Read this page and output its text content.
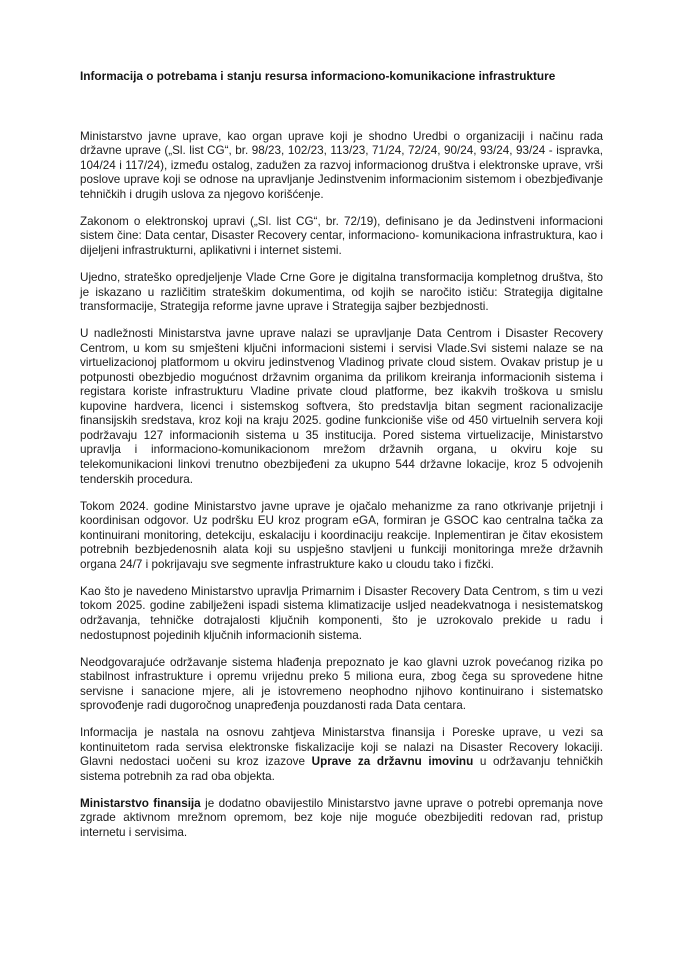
Informacija o potrebama i stanju resursa informaciono-komunikacione infrastrukture

Ministarstvo javne uprave, kao organ uprave koji je shodno Uredbi o organizaciji i načinu rada državne uprave („Sl. list CG“, br. 98/23, 102/23, 113/23, 71/24, 72/24, 90/24, 93/24, 93/24 - ispravka, 104/24 i 117/24), između ostalog, zadužen za razvoj informacionog društva i elektronske uprave, vrši poslove uprave koji se odnose na upravljanje Jedinstvenim informacionim sistemom i obezbjeđivanje tehničkih i drugih uslova za njegovo korišćenje.

Zakonom o elektronskoj upravi („Sl. list CG“, br. 72/19), definisano je da Jedinstveni informacioni sistem čine: Data centar, Disaster Recovery centar, informaciono- komunikaciona infrastruktura, kao i dijeljeni infrastrukturni, aplikativni i internet sistemi.

Ujedno, strateško opredjeljenje Vlade Crne Gore je digitalna transformacija kompletnog društva, što je iskazano u različitim strateškim dokumentima, od kojih se naročito ističu: Strategija digitalne transformacije, Strategija reforme javne uprave i Strategija sajber bezbjednosti.

U nadležnosti Ministarstva javne uprave nalazi se upravljanje Data Centrom i Disaster Recovery Centrom, u kom su smješteni ključni informacioni sistemi i servisi Vlade.Svi sistemi nalaze se na virtuelizacionoj platformom u okviru jedinstvenog Vladinog private cloud sistem. Ovakav pristup je u potpunosti obezbjedio mogućnost državnim organima da prilikom kreiranja informacionih sistema i registara koriste infrastrukturu Vladine private cloud platforme, bez ikakvih troškova u smislu kupovine hardvera, licenci i sistemskog softvera, što predstavlja bitan segment racionalizacije finansijskih sredstava, kroz koji na kraju 2025. godine funkcioniše više od 450 virtuelnih servera koji podržavaju 127 informacionih sistema u 35 institucija. Pored sistema virtuelizacije, Ministarstvo upravlja i informaciono-komunikacionom mrežom državnih organa, u okviru koje su telekomunikacioni linkovi trenutno obezbijeđeni za ukupno 544 državne lokacije, kroz 5 odvojenih tenderskih procedura.

Tokom 2024. godine Ministarstvo javne uprave je ojačalo mehanizme za rano otkrivanje prijetnji i koordinisan odgovor. Uz podršku EU kroz program eGA, formiran je GSOC kao centralna tačka za kontinuirani monitoring, detekciju, eskalaciju i koordinaciju reakcije. Inplementiran je čitav ekosistem potrebnih bezbjedenosnih alata koji su uspješno stavljeni u funkciji monitoringa mreže državnih organa 24/7 i pokrijavaju sve segmente infrastrukture kako u cloudu tako i fizčki.

Kao što je navedeno Ministarstvo upravlja Primarnim i Disaster Recovery Data Centrom, s tim u vezi tokom 2025. godine zabilježeni ispadi sistema klimatizacije usljed neadekvatnoga i nesistematskog održavanja, tehničke dotrajalosti ključnih komponenti, što je uzrokovalo prekide u radu i nedostupnost pojedinih ključnih informacionih sistema.

Neodgovarajuće održavanje sistema hlađenja prepoznato je kao glavni uzrok povećanog rizika po stabilnost infrastrukture i opremu vrijednu preko 5 miliona eura, zbog čega su sprovedene hitne servisne i sanacione mjere, ali je istovremeno neophodno njihovo kontinuirano i sistematsko sprovođenje radi dugoročnog unapređenja pouzdanosti rada Data centara.

Informacija je nastala na osnovu zahtjeva Ministarstva finansija i Poreske uprave, u vezi sa kontinuitetom rada servisa elektronske fiskalizacije koji se nalazi na Disaster Recovery lokaciji. Glavni nedostaci uočeni su kroz izazove Uprave za državnu imovinu u održavanju tehničkih sistema potrebnih za rad oba objekta.

Ministarstvo finansija je dodatno obavijestilo Ministarstvo javne uprave o potrebi opremanja nove zgrade aktivnom mrežnom opremom, bez koje nije moguće obezbijediti redovan rad, pristup internetu i servisima.
